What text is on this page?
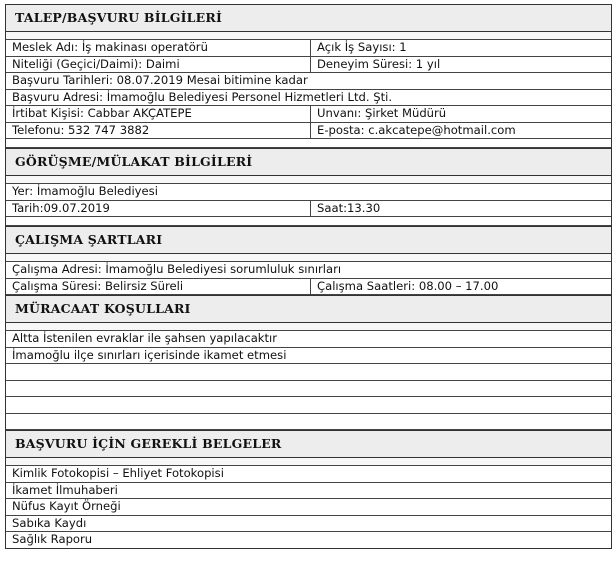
TALEP/BAŞVURU BİLGİLERİ
Meslek Adı: İş makinası operatörü	Açık İş Sayısı: 1
Niteliği (Geçici/Daimi): Daimi	Deneyim Süresi: 1 yıl
Başvuru Tarihleri: 08.07.2019 Mesai bitimine kadar
Başvuru Adresi: İmamoğlu Belediyesi Personel Hizmetleri Ltd. Şti.
İrtibat Kişisi: Cabbar AKÇATEPE	Unvanı: Şirket Müdürü
Telefonu: 532 747 3882	E-posta: c.akcatepe@hotmail.com
GÖRÜŞME/MÜLAKAT BİLGİLERİ
Yer: İmamoğlu Belediyesi
Tarih:09.07.2019	Saat:13.30
ÇALIŞMA ŞARTLARI
Çalışma Adresi: İmamoğlu Belediyesi sorumluluk sınırları
Çalışma Süresi: Belirsiz Süreli	Çalışma Saatleri: 08.00 – 17.00
MÜRACAAT KOŞULLARI
Altta İstenilen evraklar ile şahsen yapılacaktır
İmamoğlu ilçe sınırları içerisinde ikamet etmesi
BAŞVURU İÇİN GEREKLİ BELGELER
Kimlik Fotokopisi – Ehliyet Fotokopisi
İkamet İlmuhaberi
Nüfus Kayıt Örneği
Sabıka Kaydı
Sağlık Raporu
